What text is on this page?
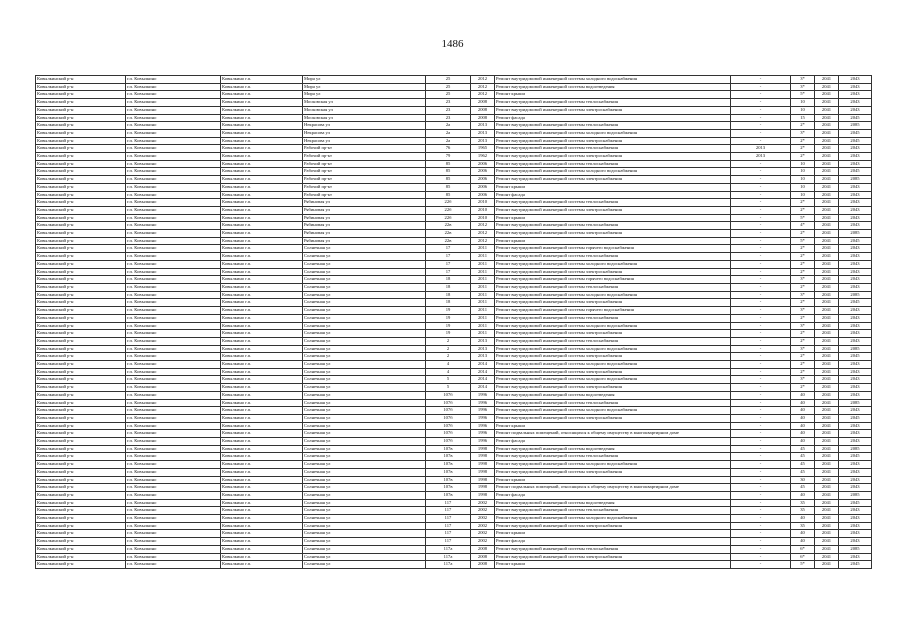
1486
Ковылкинский р-н	г.п. Ковылкино	Ковылкино г.п.	Мира ул	25	2012	Ремонт внутридомовой инженерной системы холодного водоснабжения	-	3*	2041	2043
Ковылкинский р-н	г.п. Ковылкино	Ковылкино г.п.	Мира ул	25	2012	Ремонт внутридомовой инженерной системы водоотведения	-	3*	2041	2043
Ковылкинский р-н	г.п. Ковылкино	Ковылкино г.п.	Мира ул	25	2012	Ремонт крыши	-	5*	2041	2043
Ковылкинский р-н	г.п. Ковылкино	Ковылкино г.п.	Московская ул	23	2008	Ремонт внутридомовой инженерной системы теплоснабжения	-	10	2041	2043
Ковылкинский р-н	г.п. Ковылкино	Ковылкино г.п.	Московская ул	23	2008	Ремонт внутридомовой инженерной системы электроснабжения	-	10	2041	2043
Ковылкинский р-н	г.п. Ковылкино	Ковылкино г.п.	Московская ул	23	2008	Ремонт фасада	-	15	2041	2045
Ковылкинский р-н	г.п. Ковылкино	Ковылкино г.п.	Некрасова ул	2а	2013	Ремонт внутридомовой инженерной системы теплоснабжения	-	2*	2041	2085
Ковылкинский р-н	г.п. Ковылкино	Ковылкино г.п.	Некрасова ул	2а	2013	Ремонт внутридомовой инженерной системы холодного водоснабжения	-	3*	2041	2045
Ковылкинский р-н	г.п. Ковылкино	Ковылкино г.п.	Некрасова ул	2а	2013	Ремонт внутридомовой инженерной системы электроснабжения	-	2*	2041	2045
Ковылкинский р-н	г.п. Ковылкино	Ковылкино г.п.	Рабочий пр-кт	76	1965	Ремонт внутридомовой инженерной системы теплоснабжения	2013	2*	2041	2043
Ковылкинский р-н	г.п. Ковылкино	Ковылкино г.п.	Рабочий пр-кт	79	1962	Ремонт внутридомовой инженерной системы электроснабжения	2013	2*	2041	2043
Ковылкинский р-н	г.п. Ковылкино	Ковылкино г.п.	Рабочий пр-кт	85	2006	Ремонт внутридомовой инженерной системы теплоснабжения	-	10	2041	2043
Ковылкинский р-н	г.п. Ковылкино	Ковылкино г.п.	Рабочий пр-кт	85	2006	Ремонт внутридомовой инженерной системы холодного водоснабжения	-	10	2041	2045
Ковылкинский р-н	г.п. Ковылкино	Ковылкино г.п.	Рабочий пр-кт	85	2006	Ремонт внутридомовой инженерной системы электроснабжения	-	10	2041	2085
Ковылкинский р-н	г.п. Ковылкино	Ковылкино г.п.	Рабочий пр-кт	85	2006	Ремонт крыши	-	10	2041	2043
Ковылкинский р-н	г.п. Ковылкино	Ковылкино г.п.	Рабочий пр-кт	85	2006	Ремонт фасада	-	10	2041	2043
Ковылкинский р-н	г.п. Ковылкино	Ковылкино г.п.	Рябиновая ул	22б	2010	Ремонт внутридомовой инженерной системы теплоснабжения	-	2*	2041	2043
Ковылкинский р-н	г.п. Ковылкино	Ковылкино г.п.	Рябиновая ул	22б	2010	Ремонт внутридомовой инженерной системы электроснабжения	-	2*	2041	2043
Ковылкинский р-н	г.п. Ковылкино	Ковылкино г.п.	Рябиновая ул	22б	2010	Ремонт крыши	-	5*	2041	2043
Ковылкинский р-н	г.п. Ковылкино	Ковылкино г.п.	Рябиновая ул	22в	2012	Ремонт внутридомовой инженерной системы теплоснабжения	-	4*	2041	2043
Ковылкинский р-н	г.п. Ковылкино	Ковылкино г.п.	Рябиновая ул	22в	2012	Ремонт внутридомовой инженерной системы электроснабжения	-	2*	2041	2085
Ковылкинский р-н	г.п. Ковылкино	Ковылкино г.п.	Рябиновая ул	22в	2012	Ремонт крыши	-	5*	2041	2045
Ковылкинский р-н	г.п. Ковылкино	Ковылкино г.п.	Солнечная ул	17	2011	Ремонт внутридомовой инженерной системы горячего водоснабжения	-	2*	2041	2043
Ковылкинский р-н	г.п. Ковылкино	Ковылкино г.п.	Солнечная ул	17	2011	Ремонт внутридомовой инженерной системы теплоснабжения	-	2*	2041	2043
Ковылкинский р-н	г.п. Ковылкино	Ковылкино г.п.	Солнечная ул	17	2011	Ремонт внутридомовой инженерной системы холодного водоснабжения	-	2*	2041	2043
Ковылкинский р-н	г.п. Ковылкино	Ковылкино г.п.	Солнечная ул	17	2011	Ремонт внутридомовой инженерной системы электроснабжения	-	2*	2041	2043
Ковылкинский р-н	г.п. Ковылкино	Ковылкино г.п.	Солнечная ул	18	2011	Ремонт внутридомовой инженерной системы горячего водоснабжения	-	3*	2041	2043
Ковылкинский р-н	г.п. Ковылкино	Ковылкино г.п.	Солнечная ул	18	2011	Ремонт внутридомовой инженерной системы теплоснабжения	-	2*	2041	2043
Ковылкинский р-н	г.п. Ковылкино	Ковылкино г.п.	Солнечная ул	18	2011	Ремонт внутридомовой инженерной системы холодного водоснабжения	-	3*	2041	2085
Ковылкинский р-н	г.п. Ковылкино	Ковылкино г.п.	Солнечная ул	18	2011	Ремонт внутридомовой инженерной системы электроснабжения	-	2*	2041	2045
Ковылкинский р-н	г.п. Ковылкино	Ковылкино г.п.	Солнечная ул	19	2011	Ремонт внутридомовой инженерной системы горячего водоснабжения	-	3*	2041	2043
Ковылкинский р-н	г.п. Ковылкино	Ковылкино г.п.	Солнечная ул	19	2011	Ремонт внутридомовой инженерной системы теплоснабжения	-	2*	2041	2043
Ковылкинский р-н	г.п. Ковылкино	Ковылкино г.п.	Солнечная ул	19	2011	Ремонт внутридомовой инженерной системы холодного водоснабжения	-	3*	2041	2043
Ковылкинский р-н	г.п. Ковылкино	Ковылкино г.п.	Солнечная ул	19	2011	Ремонт внутридомовой инженерной системы электроснабжения	-	2*	2041	2043
Ковылкинский р-н	г.п. Ковылкино	Ковылкино г.п.	Солнечная ул	2	2013	Ремонт внутридомовой инженерной системы теплоснабжения	-	2*	2041	2043
Ковылкинский р-н	г.п. Ковылкино	Ковылкино г.п.	Солнечная ул	2	2013	Ремонт внутридомовой инженерной системы холодного водоснабжения	-	3*	2041	2085
Ковылкинский р-н	г.п. Ковылкино	Ковылкино г.п.	Солнечная ул	2	2013	Ремонт внутридомовой инженерной системы электроснабжения	-	2*	2041	2045
Ковылкинский р-н	г.п. Ковылкино	Ковылкино г.п.	Солнечная ул	4	2014	Ремонт внутридомовой инженерной системы холодного водоснабжения	-	2*	2041	2043
Ковылкинский р-н	г.п. Ковылкино	Ковылкино г.п.	Солнечная ул	4	2014	Ремонт внутридомовой инженерной системы электроснабжения	-	2*	2041	2043
Ковылкинский р-н	г.п. Ковылкино	Ковылкино г.п.	Солнечная ул	5	2014	Ремонт внутридомовой инженерной системы холодного водоснабжения	-	3*	2041	2043
Ковылкинский р-н	г.п. Ковылкино	Ковылкино г.п.	Солнечная ул	5	2014	Ремонт внутридомовой инженерной системы электроснабжения	-	2*	2041	2043
Ковылкинский р-н	г.п. Ковылкино	Ковылкино г.п.	Солнечная ул	107б	1996	Ремонт внутридомовой инженерной системы водоотведения	-	40	2041	2043
Ковылкинский р-н	г.п. Ковылкино	Ковылкино г.п.	Солнечная ул	107б	1996	Ремонт внутридомовой инженерной системы теплоснабжения	-	40	2041	2085
Ковылкинский р-н	г.п. Ковылкино	Ковылкино г.п.	Солнечная ул	107б	1996	Ремонт внутридомовой инженерной системы холодного водоснабжения	-	40	2041	2043
Ковылкинский р-н	г.п. Ковылкино	Ковылкино г.п.	Солнечная ул	107б	1996	Ремонт внутридомовой инженерной системы электроснабжения	-	40	2041	2045
Ковылкинский р-н	г.п. Ковылкино	Ковылкино г.п.	Солнечная ул	107б	1996	Ремонт крыши	-	40	2041	2043
Ковылкинский р-н	г.п. Ковылкино	Ковылкино г.п.	Солнечная ул	107б	1996	Ремонт подвальных помещений, относящихся к общему имуществу в многоквартирном доме	-	40	2041	2043
Ковылкинский р-н	г.п. Ковылкино	Ковылкино г.п.	Солнечная ул	107б	1996	Ремонт фасада	-	40	2041	2043
Ковылкинский р-н	г.п. Ковылкино	Ковылкино г.п.	Солнечная ул	107в	1998	Ремонт внутридомовой инженерной системы водоотведения	-	45	2041	2085
Ковылкинский р-н	г.п. Ковылкино	Ковылкино г.п.	Солнечная ул	107в	1998	Ремонт внутридомовой инженерной системы теплоснабжения	-	45	2041	2045
Ковылкинский р-н	г.п. Ковылкино	Ковылкино г.п.	Солнечная ул	107в	1998	Ремонт внутридомовой инженерной системы холодного водоснабжения	-	45	2041	2043
Ковылкинский р-н	г.п. Ковылкино	Ковылкино г.п.	Солнечная ул	107в	1998	Ремонт внутридомовой инженерной системы электроснабжения	-	45	2041	2043
Ковылкинский р-н	г.п. Ковылкино	Ковылкино г.п.	Солнечная ул	107в	1998	Ремонт крыши	-	30	2041	2043
Ковылкинский р-н	г.п. Ковылкино	Ковылкино г.п.	Солнечная ул	107в	1998	Ремонт подвальных помещений, относящихся к общему имуществу в многоквартирном доме	-	45	2041	2043
Ковылкинский р-н	г.п. Ковылкино	Ковылкино г.п.	Солнечная ул	107в	1998	Ремонт фасада	-	40	2041	2085
Ковылкинский р-н	г.п. Ковылкино	Ковылкино г.п.	Солнечная ул	117	2002	Ремонт внутридомовой инженерной системы водоотведения	-	35	2041	2045
Ковылкинский р-н	г.п. Ковылкино	Ковылкино г.п.	Солнечная ул	117	2002	Ремонт внутридомовой инженерной системы теплоснабжения	-	35	2041	2043
Ковылкинский р-н	г.п. Ковылкино	Ковылкино г.п.	Солнечная ул	117	2002	Ремонт внутридомовой инженерной системы холодного водоснабжения	-	40	2041	2043
Ковылкинский р-н	г.п. Ковылкино	Ковылкино г.п.	Солнечная ул	117	2002	Ремонт внутридомовой инженерной системы электроснабжения	-	35	2041	2043
Ковылкинский р-н	г.п. Ковылкино	Ковылкино г.п.	Солнечная ул	117	2002	Ремонт крыши	-	40	2041	2043
Ковылкинский р-н	г.п. Ковылкино	Ковылкино г.п.	Солнечная ул	117	2002	Ремонт фасада	-	40	2041	2043
Ковылкинский р-н	г.п. Ковылкино	Ковылкино г.п.	Солнечная ул	117а	2008	Ремонт внутридомовой инженерной системы теплоснабжения	-	6*	2041	2085
Ковылкинский р-н	г.п. Ковылкино	Ковылкино г.п.	Солнечная ул	117а	2008	Ремонт внутридомовой инженерной системы электроснабжения	-	6*	2041	2043
Ковылкинский р-н	г.п. Ковылкино	Ковылкино г.п.	Солнечная ул	117а	2008	Ремонт крыши	-	5*	2041	2045
